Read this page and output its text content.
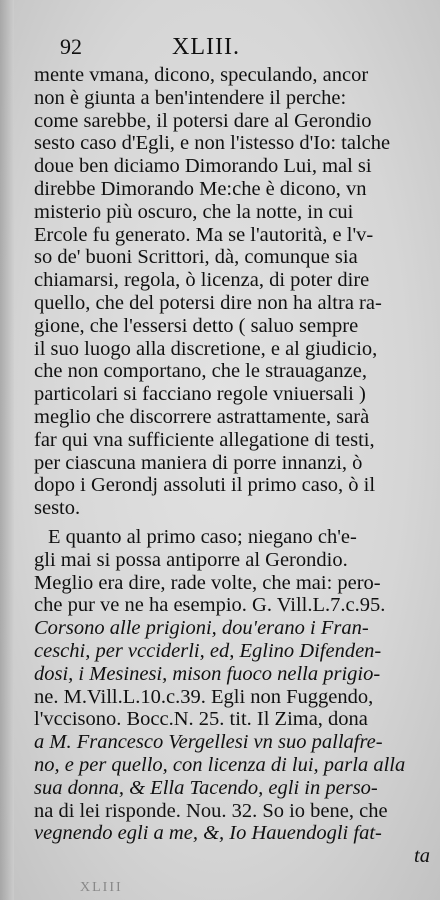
92	XLIII.
mente vmana, dicono, speculando, ancor
non è giunta a ben'intendere il perche:
come sarebbe, il potersi dare al Gerondio
sesto caso d'Egli, e non l'istesso d'Io: talche
doue ben diciamo Dimorando Lui, mal si
direbbe Dimorando Me:che è dicono, vn
misterio più oscuro, che la notte, in cui
Ercole fu generato. Ma se l'autorità, e l'v-
so de' buoni Scrittori, dà, comunque sia
chiamarsi, regola, ò licenza, di poter dire
quello, che del potersi dire non ha altra ra-
gione, che l'essersi detto ( saluo sempre
il suo luogo alla discretione, e al giudicio,
che non comportano, che le strauaganze,
particolari si facciano regole vniuersali )
meglio che discorrere astrattamente, sarà
far qui vna sufficiente allegatione di testi,
per ciascuna maniera di porre innanzi, ò
dopo i Gerondj assoluti il primo caso, ò il
sesto.
E quanto al primo caso; niegano ch'e-
gli mai si possa antiporre al Gerondio.
Meglio era dire, rade volte, che mai: pero-
che pur ve ne ha esempio. G. Vill.L.7.c.95.
Corsono alle prigioni, dou'erano i Fran-
ceschi, per vcciderli, ed, Eglino Difenden-
dosi, i Mesinesi, mison fuoco nella prigio-
ne. M.Vill.L.10.c.39. Egli non Fuggendo,
l'vccisono. Bocc.N. 25. tit. Il Zima, dona
a M. Francesco Vergellesi vn suo pallafre-
no, e per quello, con licenza di lui, parla alla
sua donna, & Ella Tacendo, egli in perso-
na di lei risponde. Nou. 32. So io bene, che
vegnendo egli a me, &, Io Hauendogli fat-
ta
XLIII
